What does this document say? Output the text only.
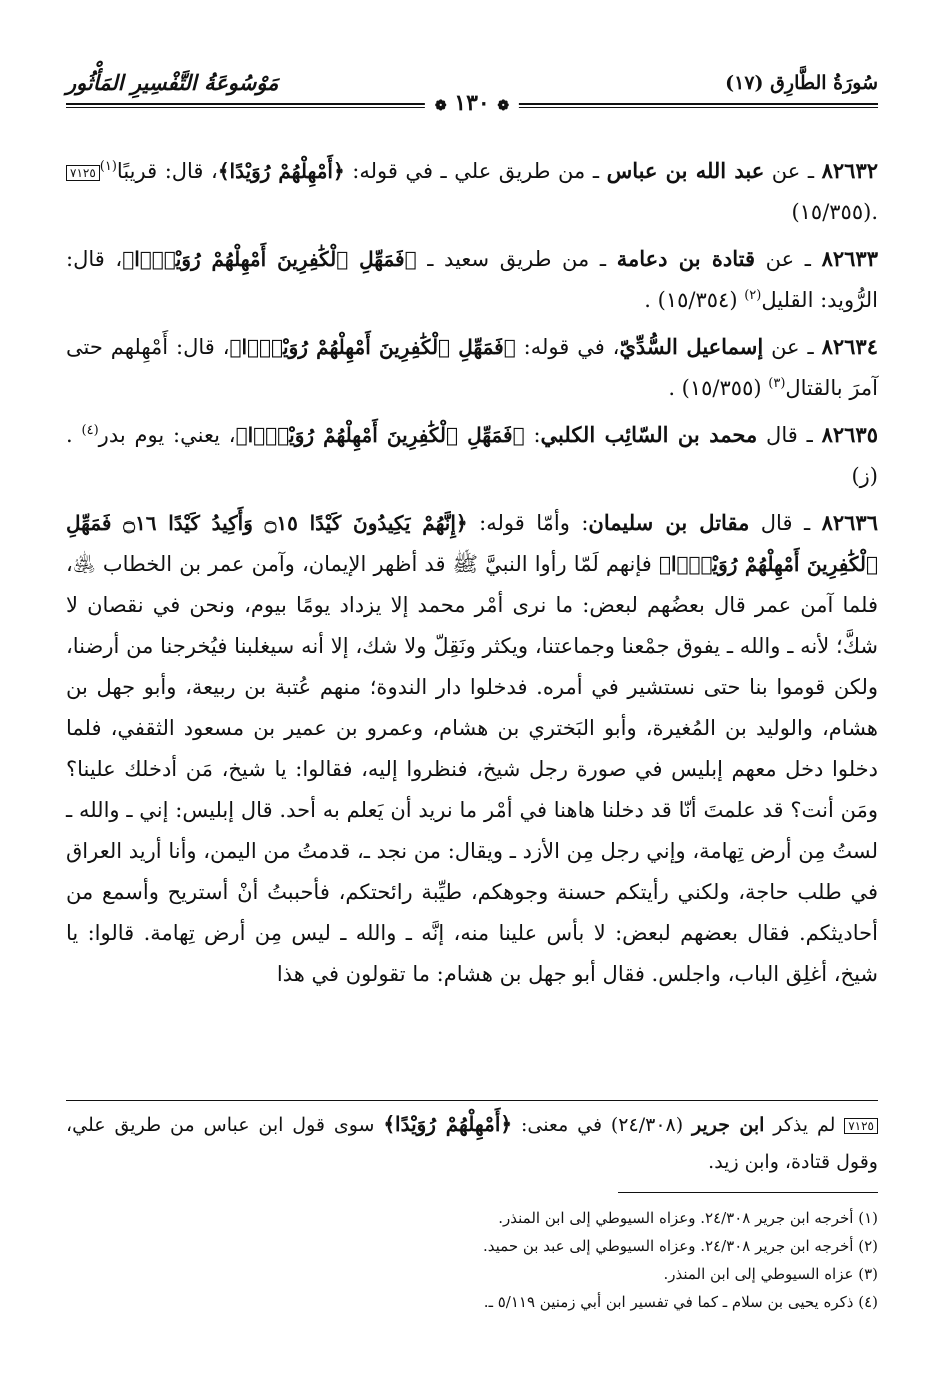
سُورَةُ الطَّارِق (١٧)
مَوْسُوعَةُ التَّفْسِيرِ المَأْثُور
❁ ١٣٠ ❁

٨٢٦٣٢ ـ عن عبد الله بن عباس ـ من طريق علي ـ في قوله: ﴿أَمْهِلْهُمْ رُوَيْدًا﴾، قال: قريبًا$^{(١)}$٧١٢٥ (١٥/٣٥٥).

٨٢٦٣٣ ـ عن قتادة بن دعامة ـ من طريق سعيد ـ ﴿فَمَهِّلِ ٱلْكَٰفِرِينَ أَمْهِلْهُمْ رُوَيْدًۢا﴾، قال: الرُّويد: القليل$^{(٢)}$ . (١٥/٣٥٤)

٨٢٦٣٤ ـ عن إسماعيل السُّدِّيّ، في قوله: ﴿فَمَهِّلِ ٱلْكَٰفِرِينَ أَمْهِلْهُمْ رُوَيْدًۢا﴾، قال: أَمْهِلهم حتى آمرَ بالقتال$^{(٣)}$ . (١٥/٣٥٥)

٨٢٦٣٥ ـ قال محمد بن السّائِب الكلبي: ﴿فَمَهِّلِ ٱلْكَٰفِرِينَ أَمْهِلْهُمْ رُوَيْدًۢا﴾، يعني: يوم بدر$^{(٤)}$ . (ز)

٨٢٦٣٦ ـ قال مقاتل بن سليمان: وأمّا قوله: ﴿إِنَّهُمْ يَكِيدُونَ كَيْدًا ۝١٥ وَأَكِيدُ كَيْدًا ۝١٦ فَمَهِّلِ ٱلْكَٰفِرِينَ أَمْهِلْهُمْ رُوَيْدًۢا﴾ فإنهم لَمّا رأوا النبيَّ ﷺ قد أظهر الإيمان، وآمن عمر بن الخطاب ﵁، فلما آمن عمر قال بعضُهم لبعض: ما نرى أمْر محمد إلا يزداد يومًا بيوم، ونحن في نقصان لا شكَّ؛ لأنه ـ والله ـ يفوق جمْعنا وجماعتنا، ويكثر ونَقِلّ ولا شك، إلا أنه سيغلبنا فيُخرجنا من أرضنا، ولكن قوموا بنا حتى نستشير في أمره. فدخلوا دار الندوة؛ منهم عُتبة بن ربيعة، وأبو جهل بن هشام، والوليد بن المُغيرة، وأبو البَختري بن هشام، وعمرو بن عمير بن مسعود الثقفي، فلما دخلوا دخل معهم إبليس في صورة رجل شيخ، فنظروا إليه، فقالوا: يا شيخ، مَن أدخلك علينا؟ ومَن أنت؟ قد علمتَ أنّا قد دخلنا هاهنا في أمْر ما نريد أن يَعلم به أحد. قال إبليس: إني ـ والله ـ لستُ مِن أرض تِهامة، وإني رجل مِن الأزد ـ ويقال: من نجد ـ، قدمتُ من اليمن، وأنا أريد العراق في طلب حاجة، ولكني رأيتكم حسنة وجوهكم، طيِّبة رائحتكم، فأحببتُ أنْ أستريح وأسمع من أحاديثكم. فقال بعضهم لبعض: لا بأس علينا منه، إنَّه ـ والله ـ ليس مِن أرض تِهامة. قالوا: يا شيخ، أغلِق الباب، واجلس. فقال أبو جهل بن هشام: ما تقولون في هذا

٧١٢٥ لم يذكر ابن جرير (٢٤/٣٠٨) في معنى: ﴿أَمْهِلْهُمْ رُوَيْدًا﴾ سوى قول ابن عباس من طريق علي، وقول قتادة، وابن زيد.

(١) أخرجه ابن جرير ٢٤/٣٠٨. وعزاه السيوطي إلى ابن المنذر.

(٢) أخرجه ابن جرير ٢٤/٣٠٨. وعزاه السيوطي إلى عبد بن حميد.

(٣) عزاه السيوطي إلى ابن المنذر.

(٤) ذكره يحيى بن سلام ـ كما في تفسير ابن أبي زمنين ٥/١١٩ ـ.
